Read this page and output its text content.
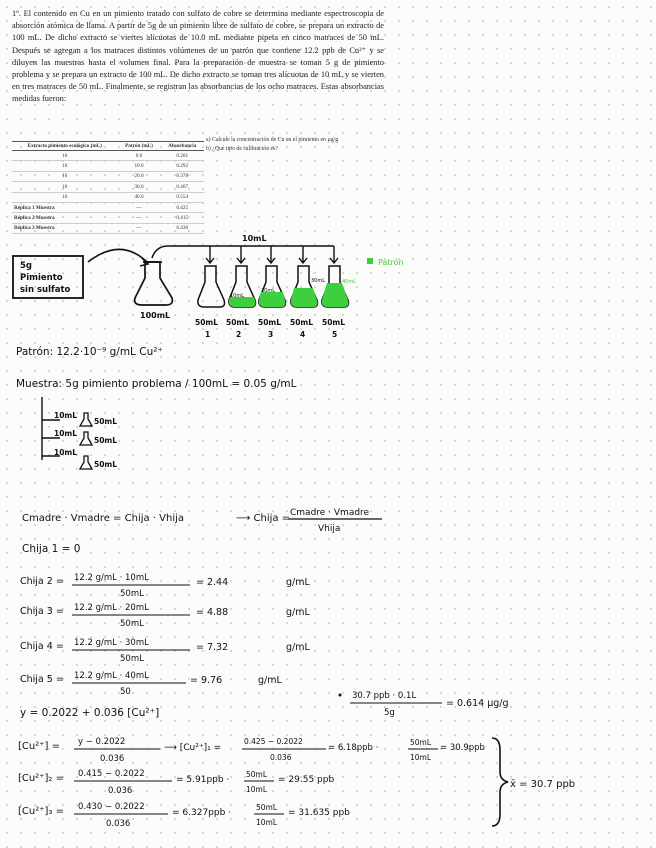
1º. El contenido en Cu en un pimiento tratado con sulfato de cobre se determina mediante espectroscopia de absorción atómica de llama. A partir de 5g de un pimiento libre de sulfato de cobre, se prepara un extracto de 100 mL. De dicho extracto se viertes alícuotas de 10.0 mL mediante pipeta en cinco matraces de 50 mL. Después se agregan a los matraces distintos volúmenes de un patrón que contiene 12.2 ppb de Cu²⁺ y se diluyen las muestras hasta el volumen final. Para la preparación de muestra se toman 5 g de pimiento problema y se prepara un extracto de 100 mL. De dicho extracto se toman tres alícuotas de 10 mL y se vierten en tres matraces de 50 mL. Finalmente, se registran las absorbancias de los ocho matraces. Estas absorbancias medidas fueron:
Extracto pimiento ecológico (mL)	Patrón (mL)	Absorbancia
10	0.0	0.201
10	10.0	0.292
10	20.0	0.378
10	30.0	0.467
10	40.0	0.554
Réplica 1 Muestra	---	0.425
Réplica 2 Muestra	---	0.415
Réplica 3 Muestra	---	0.430
a) Calcule la concentración de Cu en el pimiento en µg/g
b) ¿Qué tipo de calibración es?
5g
Pimiento
sin sulfato
100mL
10mL
Patrón
10mL
20mL
30mL	40mL
50mL 50mL 50mL 50mL 50mL
1	2	3	4	5
Patrón: 12.2·10⁻⁹ g/mL Cu²⁺
Muestra: 5g pimiento problema / 100mL = 0.05 g/mL
10mL
50mL
10mL
50mL
10mL
50mL
Cmadre · Vmadre = Chija · Vhija	⟶ Chija = Cmadre · Vmadre
Vhija
Chija 1 = 0
Chija 2 = 12.2 g/mL · 10mL
50mL
= 2.44	g/mL
Chija 3 = 12.2 g/mL · 20mL
50mL
= 4.88	g/mL
Chija 4 = 12.2 g/mL · 30mL
50mL
= 7.32	g/mL
Chija 5 = 12.2 g/mL · 40mL
50
= 9.76	g/mL
y = 0.2022 + 0.036 [Cu²⁺]
30.7 ppb · 0.1L
5g
= 0.614 µg/g
[Cu²⁺] = y − 0.2022
0.036
⟶ [Cu²⁺]₁ =
0.425 − 0.2022
0.036
= 6.18ppb ·
50mL
10mL
= 30.9ppb
[Cu²⁺]₂ = 0.415 − 0.2022
0.036
= 5.91ppb ·
50mL
10mL
= 29.55 ppb
[Cu²⁺]₃ = 0.430 − 0.2022
0.036
= 6.327ppb ·
50mL
10mL
= 31.635 ppb
x̄ = 30.7 ppb
